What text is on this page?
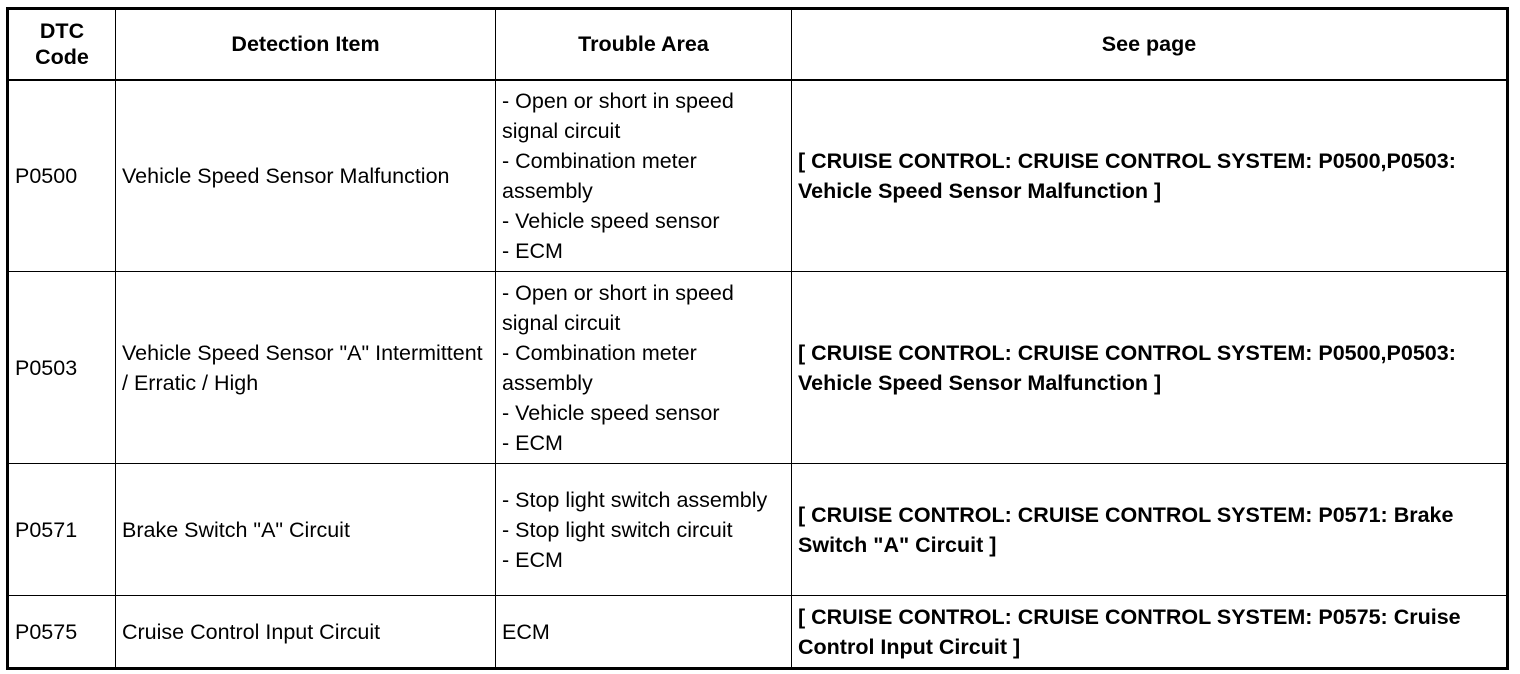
DTC Code	Detection Item	Trouble Area	See page
P0500	Vehicle Speed Sensor Malfunction	- Open or short in speed signal circuit
- Combination meter assembly
- Vehicle speed sensor
- ECM	[ CRUISE CONTROL: CRUISE CONTROL SYSTEM: P0500,P0503: Vehicle Speed Sensor Malfunction ]
P0503	Vehicle Speed Sensor "A" Intermittent / Erratic / High	- Open or short in speed signal circuit
- Combination meter assembly
- Vehicle speed sensor
- ECM	[ CRUISE CONTROL: CRUISE CONTROL SYSTEM: P0500,P0503: Vehicle Speed Sensor Malfunction ]
P0571	Brake Switch "A" Circuit	- Stop light switch assembly
- Stop light switch circuit
- ECM	[ CRUISE CONTROL: CRUISE CONTROL SYSTEM: P0571: Brake Switch "A" Circuit ]
P0575	Cruise Control Input Circuit	ECM	[ CRUISE CONTROL: CRUISE CONTROL SYSTEM: P0575: Cruise Control Input Circuit ]
